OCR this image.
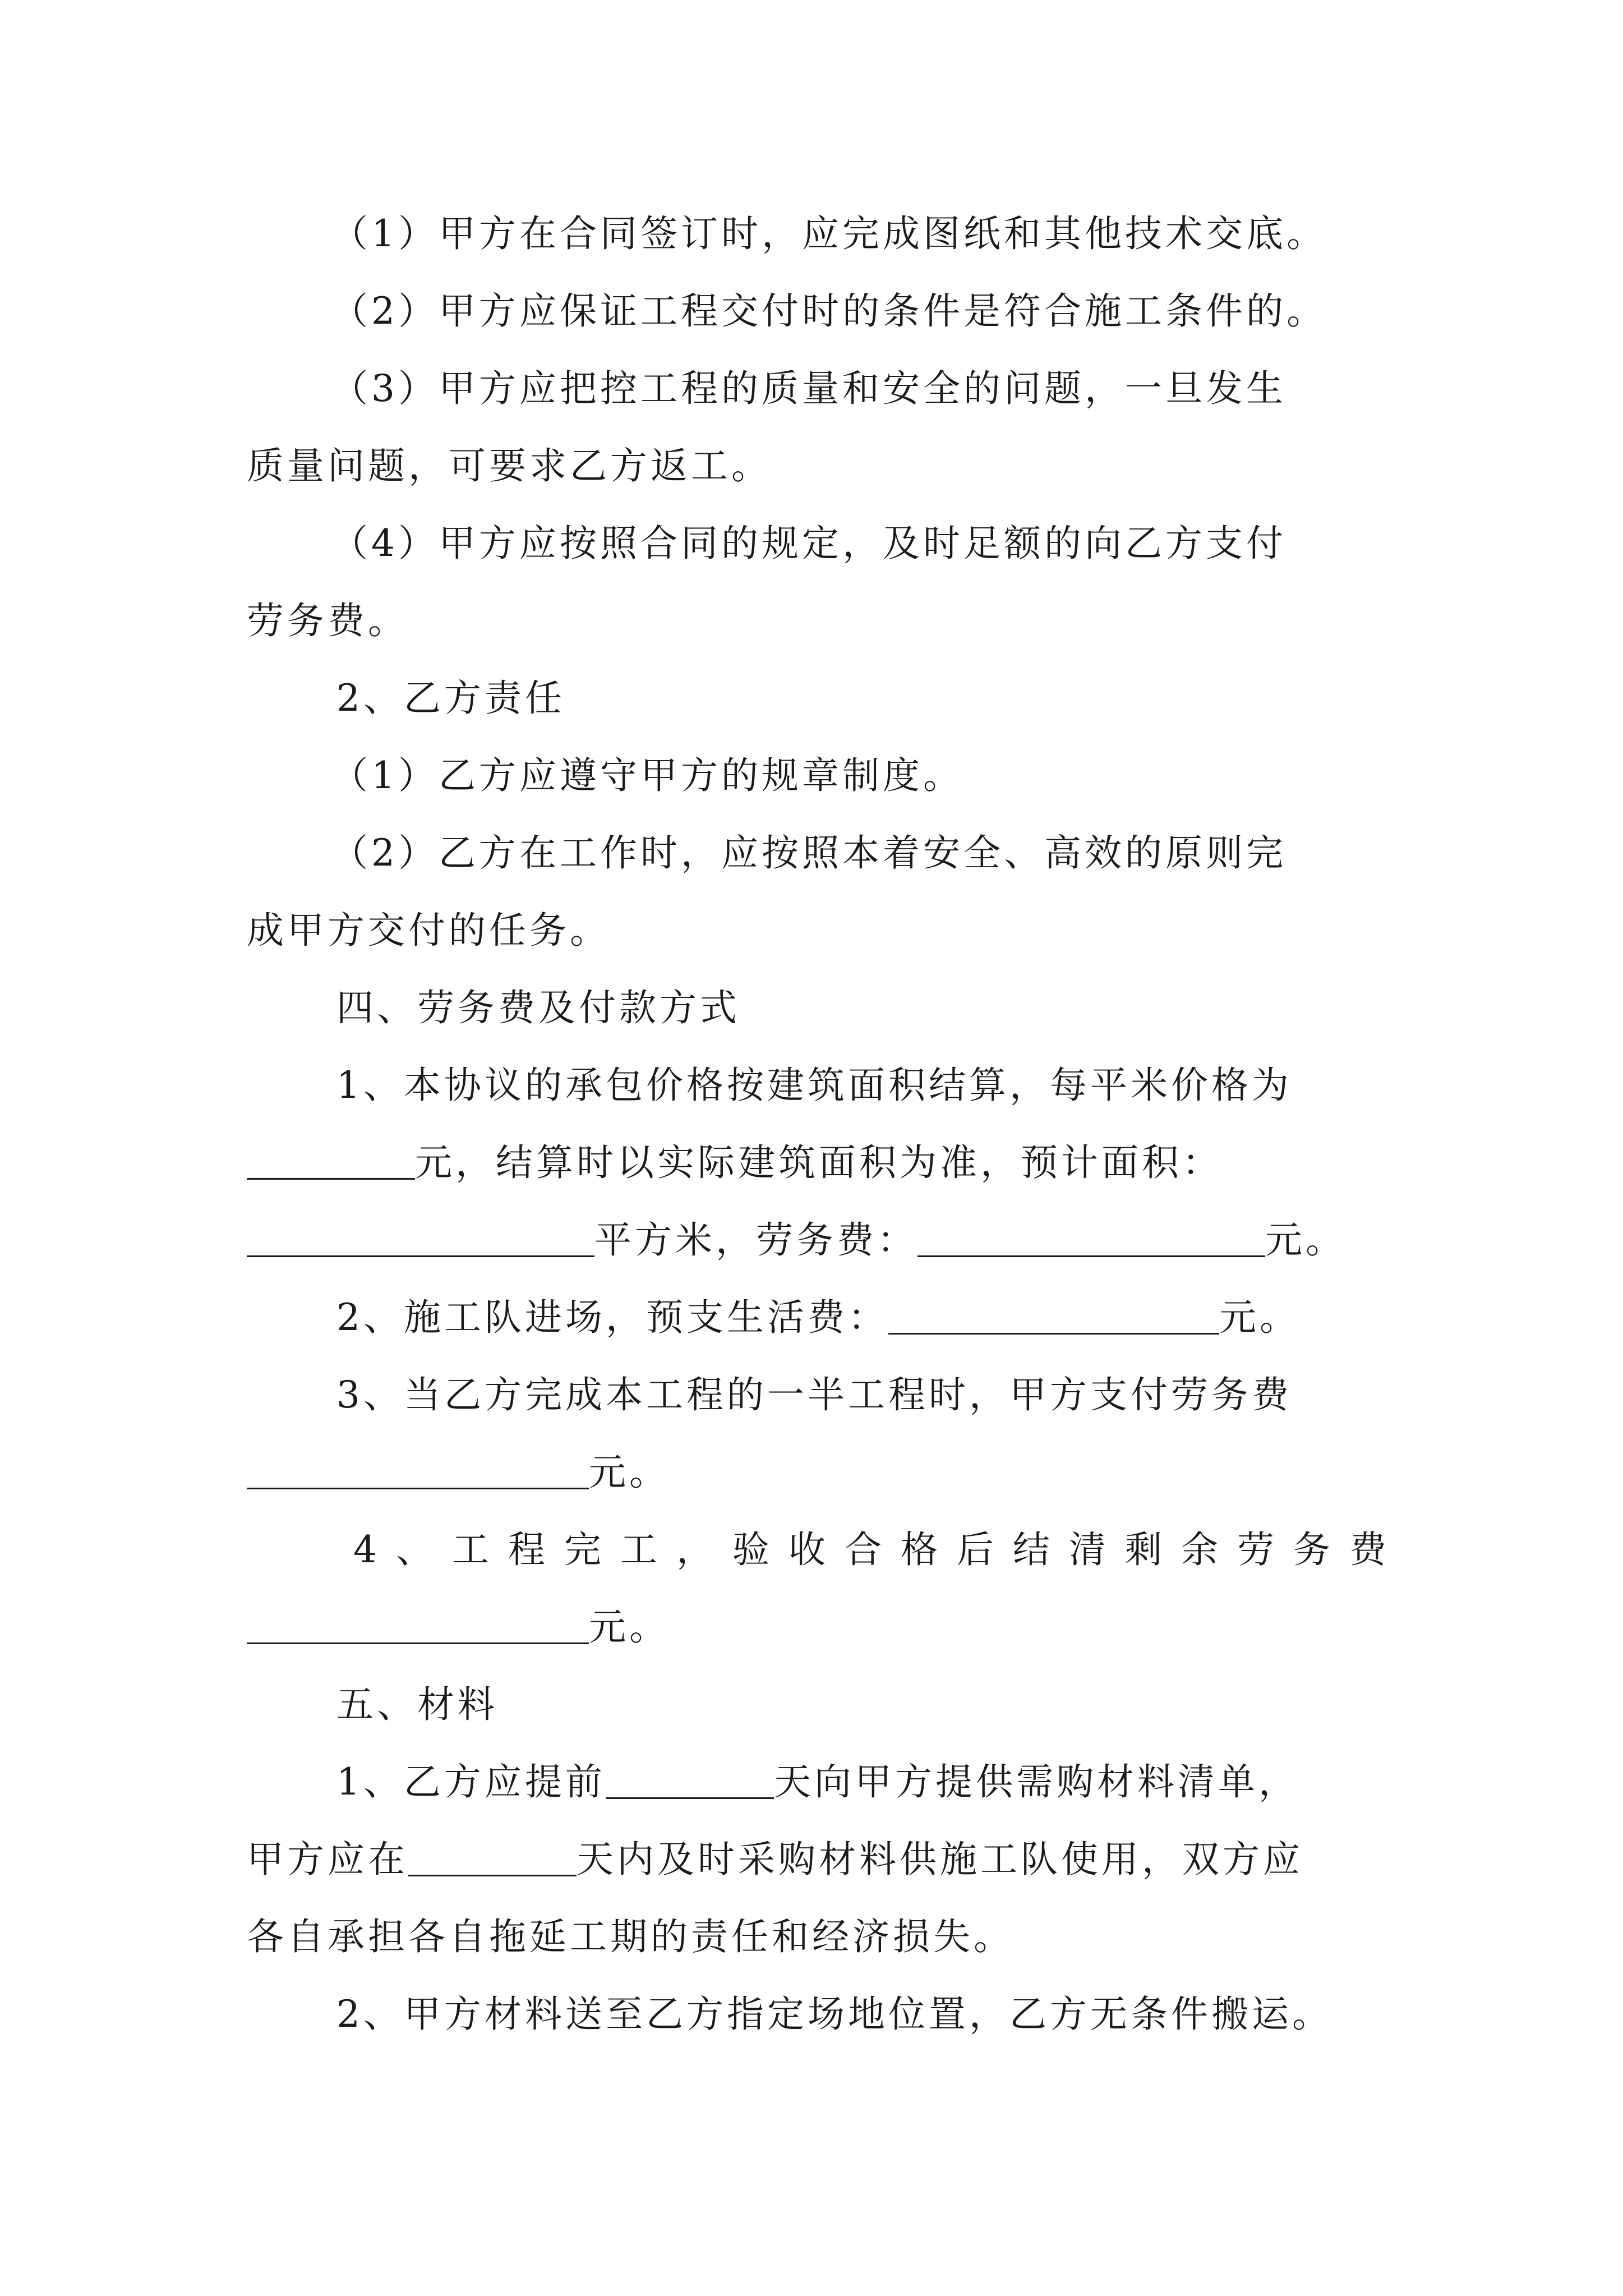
（1）甲方在合同签订时，应完成图纸和其他技术交底。
（2）甲方应保证工程交付时的条件是符合施工条件的。
（3）甲方应把控工程的质量和安全的问题，一旦发生
质量问题，可要求乙方返工。
（4）甲方应按照合同的规定，及时足额的向乙方支付
劳务费。
2、乙方责任
（1）乙方应遵守甲方的规章制度。
（2）乙方在工作时，应按照本着安全、高效的原则完
成甲方交付的任务。
四、劳务费及付款方式
1、本协议的承包价格按建筑面积结算，每平米价格为
元，结算时以实际建筑面积为准，预计面积：
平方米，劳务费：	元。
2、施工队进场，预支生活费：	元。
3、当乙方完成本工程的一半工程时，甲方支付劳务费
元。
4、工程完工，验收合格后结清剩余劳务费
元。
五、材料
1、乙方应提前	天向甲方提供需购材料清单，
甲方应在	天内及时采购材料供施工队使用，双方应
各自承担各自拖延工期的责任和经济损失。
2、甲方材料送至乙方指定场地位置，乙方无条件搬运。
